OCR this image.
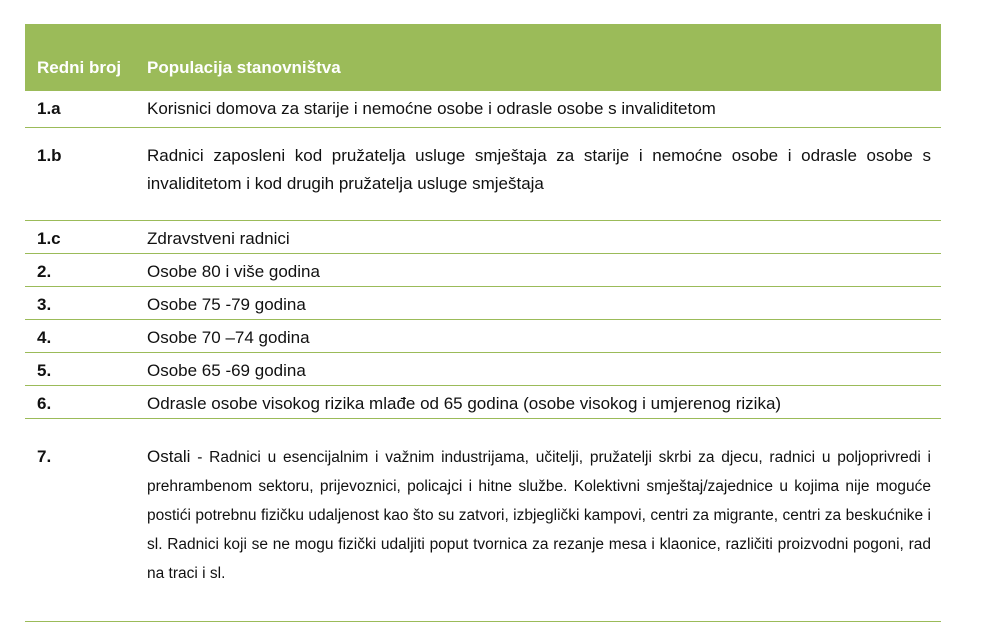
Redni broj	Populacija stanovništva
1.a	Korisnici domova za starije i nemoćne osobe i odrasle osobe s invaliditetom
1.b	Radnici zaposleni kod pružatelja usluge smještaja za starije i nemoćne osobe i odrasle osobe s invaliditetom i kod drugih pružatelja usluge smještaja
1.c	Zdravstveni radnici
2.	Osobe 80 i više godina
3.	Osobe 75 -79 godina
4.	Osobe 70 –74 godina
5.	Osobe 65 -69 godina
6.	Odrasle osobe visokog rizika mlađe od 65 godina (osobe visokog i umjerenog rizika)
7.	Ostali - Radnici u esencijalnim i važnim industrijama, učitelji, pružatelji skrbi za djecu, radnici u poljoprivredi i prehrambenom sektoru, prijevoznici, policajci i hitne službe. Kolektivni smještaj/zajednice u kojima nije moguće postići potrebnu fizičku udaljenost kao što su zatvori, izbjeglički kampovi, centri za migrante, centri za beskućnike i sl. Radnici koji se ne mogu fizički udaljiti poput tvornica za rezanje mesa i klaonice, različiti proizvodni pogoni, rad na traci i sl.
